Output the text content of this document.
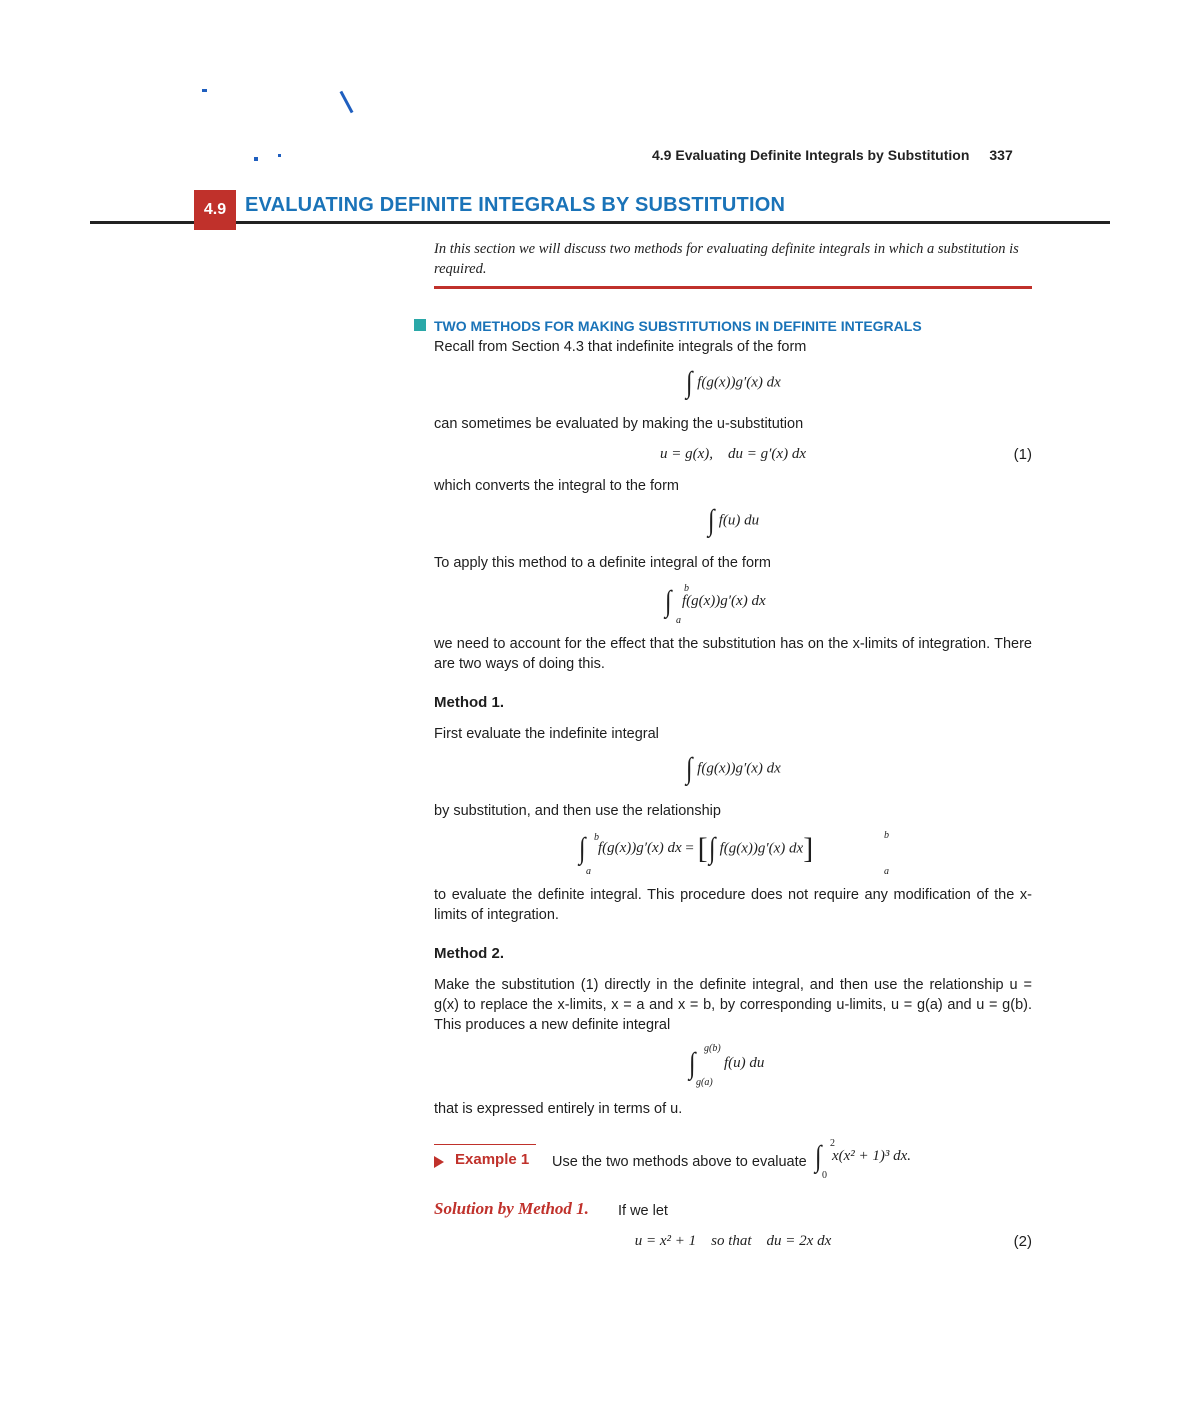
4.9 Evaluating Definite Integrals by Substitution 337
4.9 EVALUATING DEFINITE INTEGRALS BY SUBSTITUTION
In this section we will discuss two methods for evaluating definite integrals in which a substitution is required.
TWO METHODS FOR MAKING SUBSTITUTIONS IN DEFINITE INTEGRALS
Recall from Section 4.3 that indefinite integrals of the form
∫ f(g(x))g′(x) dx
can sometimes be evaluated by making the u-substitution
u = g(x),    du = g′(x) dx	(1)
which converts the integral to the form
∫ f(u) du
To apply this method to a definite integral of the form
∫ b
a
f(g(x))g′(x) dx
we need to account for the effect that the substitution has on the x-limits of integration. There are two ways of doing this.
Method 1.
First evaluate the indefinite integral
∫ f(g(x))g′(x) dx
by substitution, and then use the relationship
∫ b
a
f(g(x))g′(x) dx = [∫ f(g(x))g′(x) dx]	b
a
to evaluate the definite integral. This procedure does not require any modification of the x-limits of integration.
Method 2.
Make the substitution (1) directly in the definite integral, and then use the relationship u = g(x) to replace the x-limits, x = a and x = b, by corresponding u-limits, u = g(a) and u = g(b). This produces a new definite integral
∫ g(b)
g(a)
f(u) du
that is expressed entirely in terms of u.
Example 1 Use the two methods above to evaluate ∫ 2
0
x(x² + 1)³ dx.
Solution by Method 1. If we let
u = x² + 1    so that    du = 2x dx	(2)
